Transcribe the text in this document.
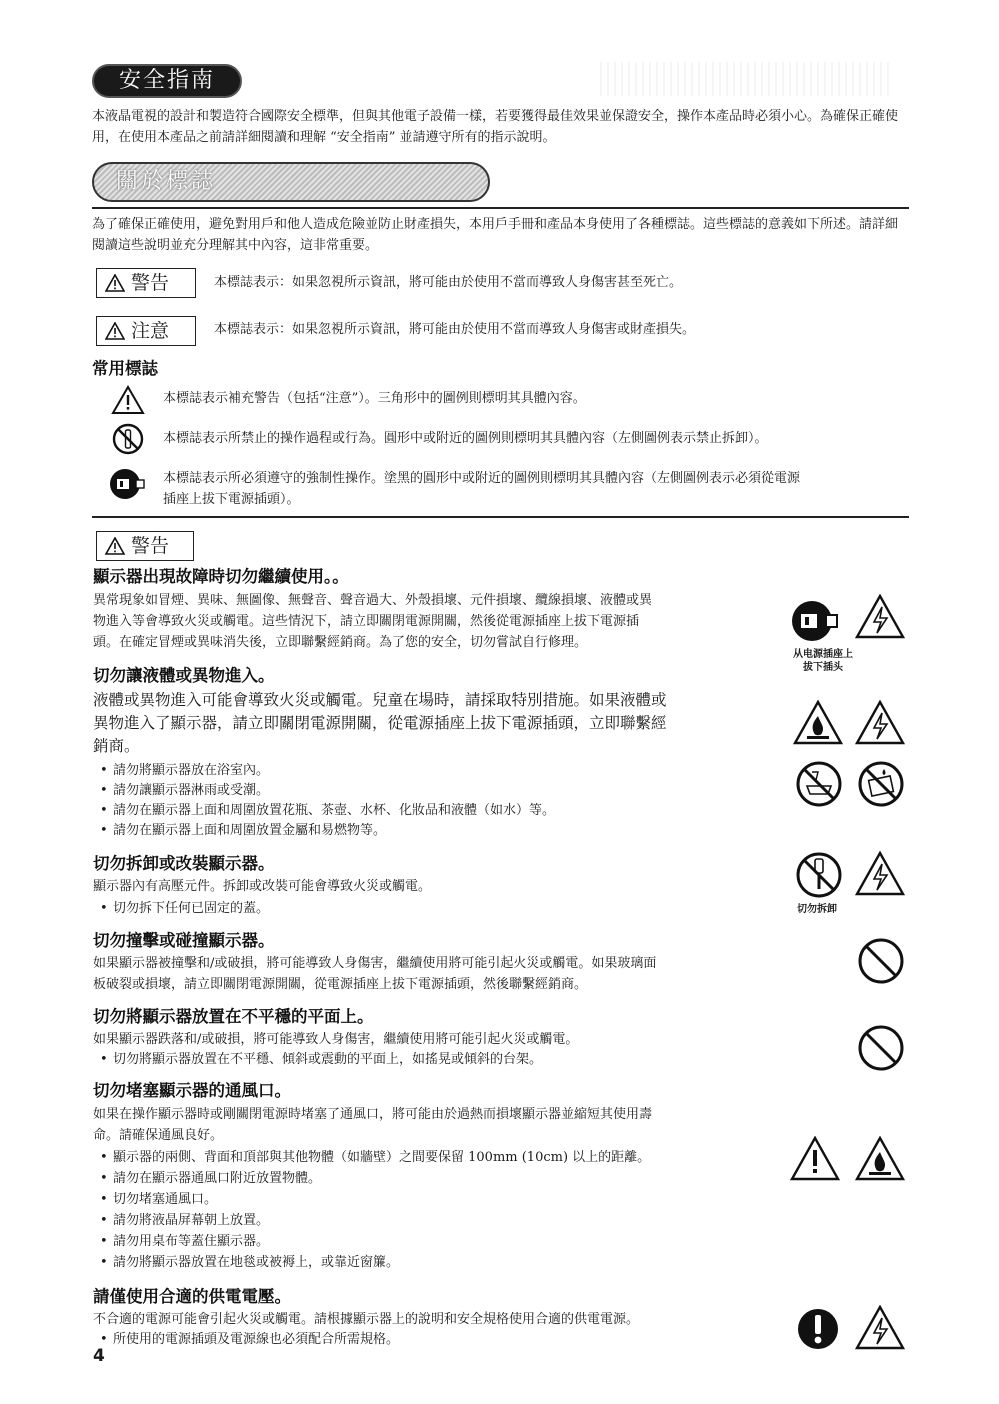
安全指南

本液晶電視的設計和製造符合國際安全標準，但與其他電子設備一樣，若要獲得最佳效果並保證安全，操作本產品時必須小心。為確保正確使用，在使用本產品之前請詳細閱讀和理解 “安全指南” 並請遵守所有的指示說明。

關於標誌

為了確保正確使用，避免對用戶和他人造成危險並防止財產損失，本用戶手冊和產品本身使用了各種標誌。這些標誌的意義如下所述。請詳細閱讀這些說明並充分理解其中內容，這非常重要。

警告	本標誌表示：如果忽視所示資訊，將可能由於使用不當而導致人身傷害甚至死亡。

注意	本標誌表示：如果忽視所示資訊，將可能由於使用不當而導致人身傷害或財產損失。

常用標誌

本標誌表示補充警告（包括“注意”）。三角形中的圖例則標明其具體內容。

本標誌表示所禁止的操作過程或行為。圓形中或附近的圖例則標明其具體內容（左側圖例表示禁止拆卸）。

本標誌表示所必須遵守的強制性操作。塗黑的圓形中或附近的圖例則標明其具體內容（左側圖例表示必須從電源

插座上拔下電源插頭）。

警告
顯示器出現故障時切勿繼續使用。。

異常現象如冒煙、異味、無圖像、無聲音、聲音過大、外殼損壞、元件損壞、纜線損壞、液體或異

物進入等會導致火災或觸電。這些情況下，請立即關閉電源開關，然後從電源插座上拔下電源插

頭。在確定冒煙或異味消失後，立即聯繫經銷商。為了您的安全，切勿嘗試自行修理。

从电源插座上
拔下插头
切勿讓液體或異物進入。

液體或異物進入可能會導致火災或觸電。兒童在場時，請採取特別措施。如果液體或

異物進入了顯示器，請立即關閉電源開關，從電源插座上拔下電源插頭，立即聯繫經

銷商。

• 請勿將顯示器放在浴室內。
• 請勿讓顯示器淋雨或受潮。
• 請勿在顯示器上面和周圍放置花瓶、茶壺、水杯、化妝品和液體（如水）等。
• 請勿在顯示器上面和周圍放置金屬和易燃物等。
切勿拆卸或改裝顯示器。

顯示器內有高壓元件。拆卸或改裝可能會導致火災或觸電。

• 切勿拆下任何已固定的蓋。	切勿拆卸
切勿撞擊或碰撞顯示器。

如果顯示器被撞擊和/或破損，將可能導致人身傷害，繼續使用將可能引起火災或觸電。如果玻璃面

板破裂或損壞，請立即關閉電源開關，從電源插座上拔下電源插頭，然後聯繫經銷商。

切勿將顯示器放置在不平穩的平面上。

如果顯示器跌落和/或破損，將可能導致人身傷害，繼續使用將可能引起火災或觸電。

• 切勿將顯示器放置在不平穩、傾斜或震動的平面上，如搖晃或傾斜的台架。
切勿堵塞顯示器的通風口。

如果在操作顯示器時或剛關閉電源時堵塞了通風口，將可能由於過熱而損壞顯示器並縮短其使用壽

命。請確保通風良好。

• 顯示器的兩側、背面和頂部與其他物體（如牆壁）之間要保留 100mm (10cm) 以上的距離。
• 請勿在顯示器通風口附近放置物體。
• 切勿堵塞通風口。
• 請勿將液晶屏幕朝上放置。
• 請勿用桌布等蓋住顯示器。
• 請勿將顯示器放置在地毯或被褥上，或靠近窗簾。
請僅使用合適的供電電壓。

不合適的電源可能會引起火災或觸電。請根據顯示器上的說明和安全規格使用合適的供電電源。

• 所使用的電源插頭及電源線也必須配合所需規格。
4
